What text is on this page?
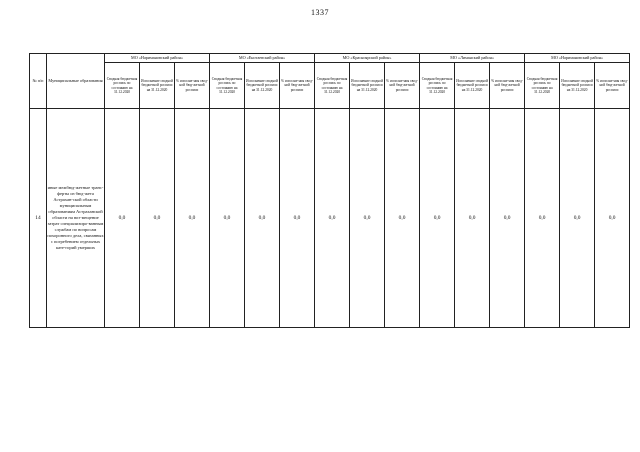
1337
№ п/п	Муниципальные образования	МО «Наримановский район»			МО «Енотаевский район»			МО «Красноярский район»			МО «Лиманский район»			МО «Наримановский район»		
		Сводная бюджетная роспись по состоянию на 31.12.2020	Исполнение сводной бюджетной росписи на 31.12.2020	% исполне-ния свод-ной бюд-жетной росписи	Сводная бюджетная роспись по состоянию на 31.12.2020	Исполнение сводной бюджетной росписи на 31.12.2020	% исполне-ния свод-ной бюд-жетной росписи	Сводная бюджетная роспись по состоянию на 31.12.2020	Исполнение сводной бюджетной росписи на 31.12.2020	% исполне-ния свод-ной бюд-жетной росписи	Сводная бюджетная роспись по состоянию на 31.12.2020	Исполнение сводной бюджетной росписи на 31.12.2020	% исполне-ния свод-ной бюд-жетной росписи	Сводная бюджетная роспись по состоянию на 31.12.2020	Исполнение сводной бюджетной росписи на 31.12.2020	% исполне-ния свод-ной бюд-жетной росписи
14	иные межбюд-жетные транс-ферты из бюд-жета Астрахан-ской области муниципальным образованиям Астраханской области на воз-мещение затрат специализиро-ванным службам по вопросам похоронного дела, связанных с погребением отдельных кате-горий умерших	0,0	0,0	0,0	0,0	0,0	0,0	0,0	0,0	0,0	0,0	0,0	0,0	0,0	0,0	0,0
